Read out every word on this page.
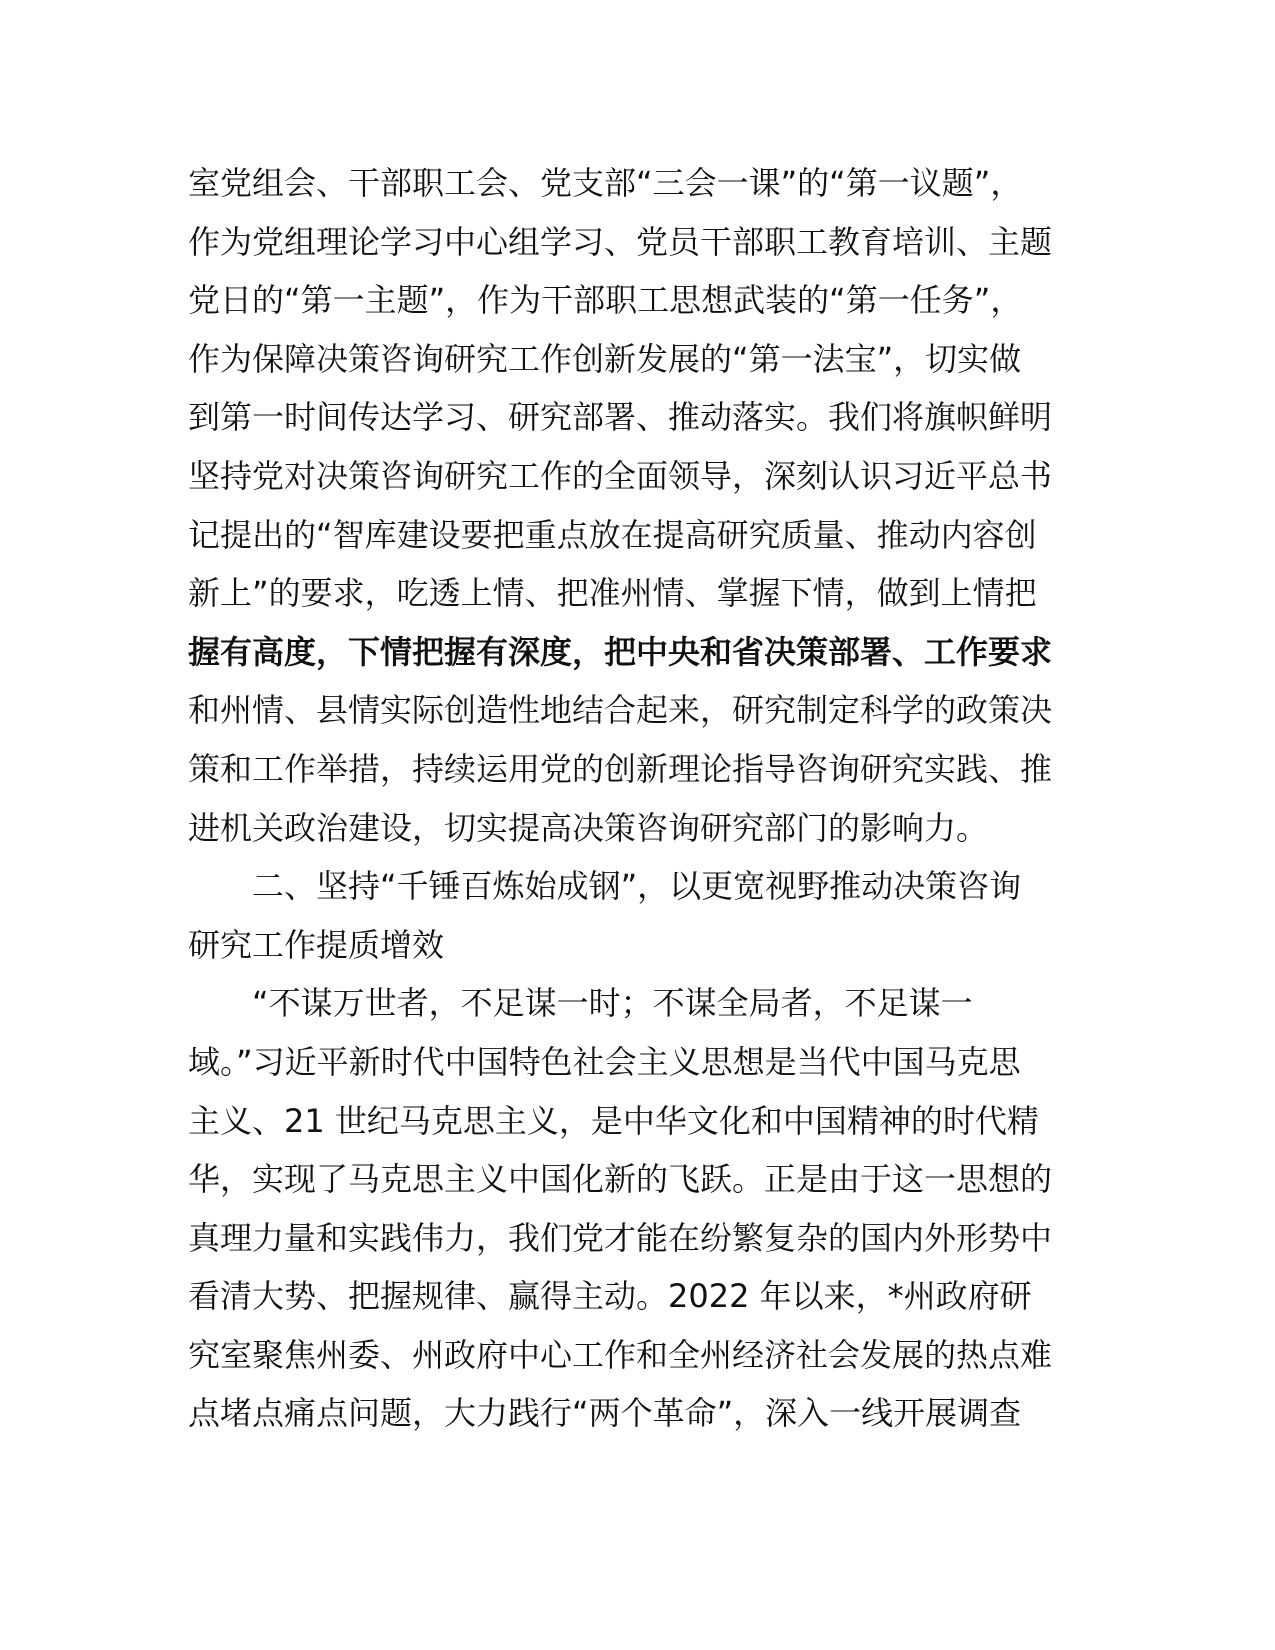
室党组会、干部职工会、党支部“三会一课”的“第一议题”，
作为党组理论学习中心组学习、党员干部职工教育培训、主题
党日的“第一主题”，作为干部职工思想武装的“第一任务”，
作为保障决策咨询研究工作创新发展的“第一法宝”，切实做
到第一时间传达学习、研究部署、推动落实。我们将旗帜鲜明
坚持党对决策咨询研究工作的全面领导，深刻认识习近平总书
记提出的“智库建设要把重点放在提高研究质量、推动内容创
新上”的要求，吃透上情、把准州情、掌握下情，做到上情把
握有高度，下情把握有深度，把中央和省决策部署、工作要求
和州情、县情实际创造性地结合起来，研究制定科学的政策决
策和工作举措，持续运用党的创新理论指导咨询研究实践、推
进机关政治建设，切实提高决策咨询研究部门的影响力。
二、坚持“千锤百炼始成钢”，以更宽视野推动决策咨询
研究工作提质增效
“不谋万世者，不足谋一时；不谋全局者，不足谋一
域。”习近平新时代中国特色社会主义思想是当代中国马克思
主义、21 世纪马克思主义，是中华文化和中国精神的时代精
华，实现了马克思主义中国化新的飞跃。正是由于这一思想的
真理力量和实践伟力，我们党才能在纷繁复杂的国内外形势中
看清大势、把握规律、赢得主动。2022 年以来，*州政府研
究室聚焦州委、州政府中心工作和全州经济社会发展的热点难
点堵点痛点问题，大力践行“两个革命”，深入一线开展调查
